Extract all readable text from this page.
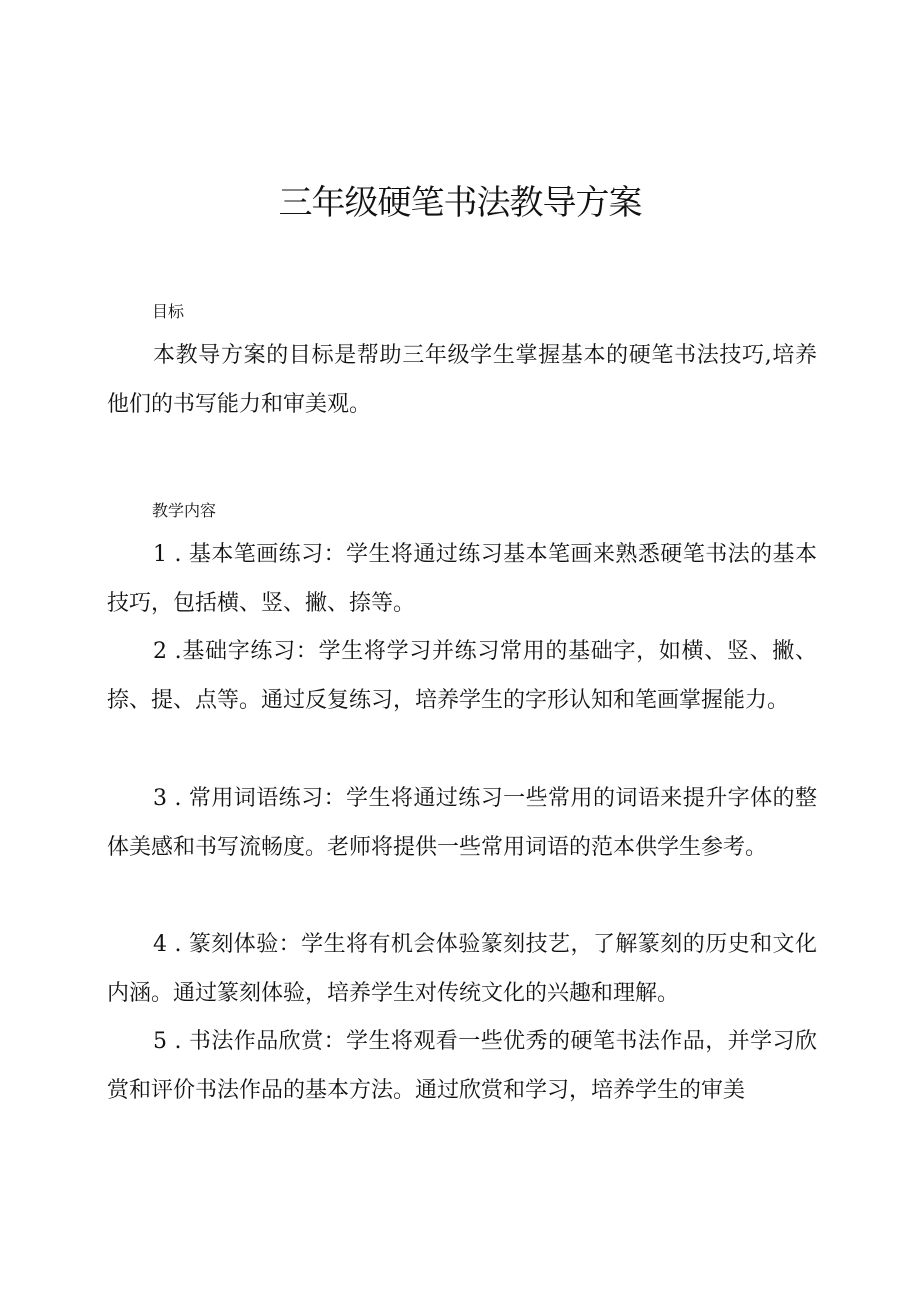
三年级硬笔书法教导方案
目标
本教导方案的目标是帮助三年级学生掌握基本的硬笔书法技巧,培养他们的书写能力和审美观。
教学内容
1 . 基本笔画练习：学生将通过练习基本笔画来熟悉硬笔书法的基本技巧，包括横、竖、撇、捺等。
2 .基础字练习：学生将学习并练习常用的基础字，如横、竖、撇、捺、提、点等。通过反复练习，培养学生的字形认知和笔画掌握能力。
3 . 常用词语练习：学生将通过练习一些常用的词语来提升字体的整体美感和书写流畅度。老师将提供一些常用词语的范本供学生参考。
4 . 篆刻体验：学生将有机会体验篆刻技艺，了解篆刻的历史和文化内涵。通过篆刻体验，培养学生对传统文化的兴趣和理解。
5 . 书法作品欣赏：学生将观看一些优秀的硬笔书法作品，并学习欣赏和评价书法作品的基本方法。通过欣赏和学习，培养学生的审美
